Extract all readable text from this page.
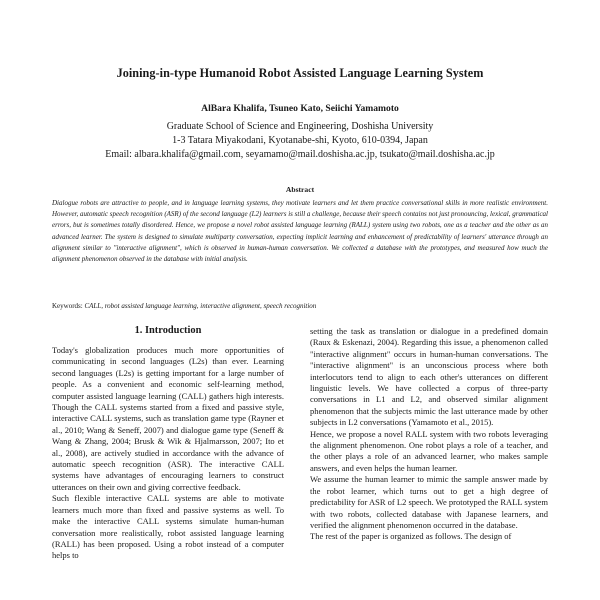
Joining-in-type Humanoid Robot Assisted Language Learning System
AlBara Khalifa, Tsuneo Kato, Seiichi Yamamoto
Graduate School of Science and Engineering, Doshisha University
1-3 Tatara Miyakodani, Kyotanabe-shi, Kyoto, 610-0394, Japan
Email: albara.khalifa@gmail.com, seyamamo@mail.doshisha.ac.jp, tsukato@mail.doshisha.ac.jp
Abstract
Dialogue robots are attractive to people, and in language learning systems, they motivate learners and let them practice conversational skills in more realistic environment. However, automatic speech recognition (ASR) of the second language (L2) learners is still a challenge, because their speech contains not just pronouncing, lexical, grammatical errors, but is sometimes totally disordered. Hence, we propose a novel robot assisted language learning (RALL) system using two robots, one as a teacher and the other as an advanced learner. The system is designed to simulate multiparty conversation, expecting implicit learning and enhancement of predictability of learners' utterance through an alignment similar to "interactive alignment", which is observed in human-human conversation. We collected a database with the prototypes, and measured how much the alignment phenomenon observed in the database with initial analysis.
Keywords: CALL, robot assisted language learning, interactive alignment, speech recognition
1. Introduction

Today's globalization produces much more opportunities of communicating in second languages (L2s) than ever. Learning second languages (L2s) is getting important for a large number of people. As a convenient and economic self-learning method, computer assisted language learning (CALL) gathers high interests. Though the CALL systems started from a fixed and passive style, interactive CALL systems, such as translation game type (Rayner et al., 2010; Wang & Seneff, 2007) and dialogue game type (Seneff & Wang & Zhang, 2004; Brusk & Wik & Hjalmarsson, 2007; Ito et al., 2008), are actively studied in accordance with the advance of automatic speech recognition (ASR). The interactive CALL systems have advantages of encouraging learners to construct utterances on their own and giving corrective feedback.

Such flexible interactive CALL systems are able to motivate learners much more than fixed and passive systems as well. To make the interactive CALL systems simulate human-human conversation more realistically, robot assisted language learning (RALL) has been proposed. Using a robot instead of a computer helps to

setting the task as translation or dialogue in a predefined domain (Raux & Eskenazi, 2004). Regarding this issue, a phenomenon called "interactive alignment" occurs in human-human conversations. The "interactive alignment" is an unconscious process where both interlocutors tend to align to each other's utterances on different linguistic levels. We have collected a corpus of three-party conversations in L1 and L2, and observed similar alignment phenomenon that the subjects mimic the last utterance made by other subjects in L2 conversations (Yamamoto et al., 2015).

Hence, we propose a novel RALL system with two robots leveraging the alignment phenomenon. One robot plays a role of a teacher, and the other plays a role of an advanced learner, who makes sample answers, and even helps the human learner.

We assume the human learner to mimic the sample answer made by the robot learner, which turns out to get a high degree of predictability for ASR of L2 speech. We prototyped the RALL system with two robots, collected database with Japanese learners, and verified the alignment phenomenon occurred in the database.

The rest of the paper is organized as follows. The design of
